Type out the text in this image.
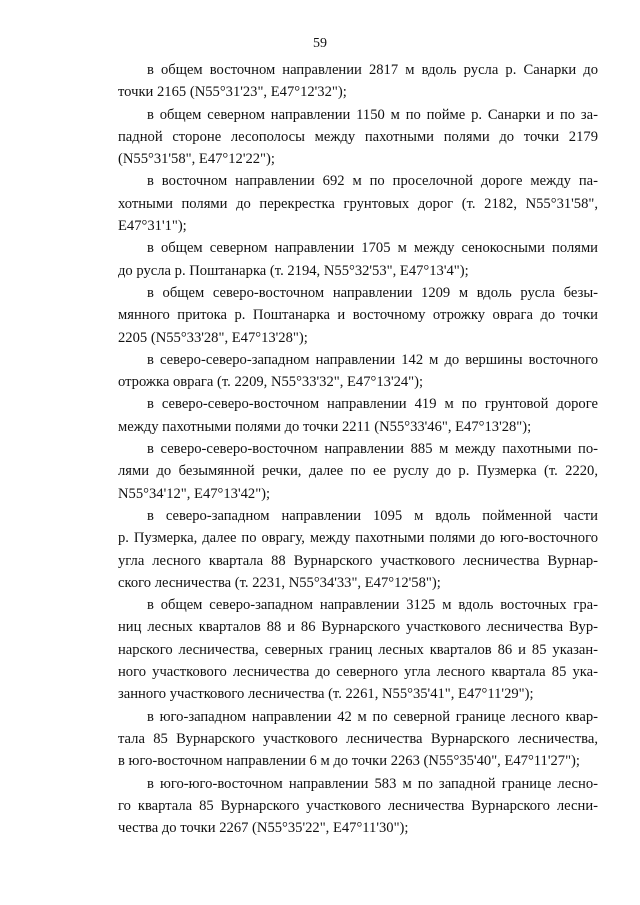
59
в общем восточном направлении 2817 м вдоль русла р. Санарки до
точки 2165 (N55°31'23", E47°12'32");
в общем северном направлении 1150 м по пойме р. Санарки и по за-
падной стороне лесополосы между пахотными полями до точки 2179
(N55°31'58", E47°12'22");
в восточном направлении 692 м по проселочной дороге между па-
хотными полями до перекрестка грунтовых дорог (т. 2182, N55°31'58",
E47°31'1");
в общем северном направлении 1705 м между сенокосными полями
до русла р. Поштанарка (т. 2194, N55°32'53", E47°13'4");
в общем северо-восточном направлении 1209 м вдоль русла безы-
мянного притока р. Поштанарка и восточному отрожку оврага до точки
2205 (N55°33'28", E47°13'28");
в северо-северо-западном направлении 142 м до вершины восточного
отрожка оврага (т. 2209, N55°33'32", E47°13'24");
в северо-северо-восточном направлении 419 м по грунтовой дороге
между пахотными полями до точки 2211 (N55°33'46", E47°13'28");
в северо-северо-восточном направлении 885 м между пахотными по-
лями до безымянной речки, далее по ее руслу до р. Пузмерка (т. 2220,
N55°34'12", E47°13'42");
в северо-западном направлении 1095 м вдоль пойменной части
р. Пузмерка, далее по оврагу, между пахотными полями до юго-восточного
угла лесного квартала 88 Вурнарского участкового лесничества Вурнар-
ского лесничества (т. 2231, N55°34'33", E47°12'58");
в общем северо-западном направлении 3125 м вдоль восточных гра-
ниц лесных кварталов 88 и 86 Вурнарского участкового лесничества Вур-
нарского лесничества, северных границ лесных кварталов 86 и 85 указан-
ного участкового лесничества до северного угла лесного квартала 85 ука-
занного участкового лесничества (т. 2261, N55°35'41", E47°11'29");
в юго-западном направлении 42 м по северной границе лесного квар-
тала 85 Вурнарского участкового лесничества Вурнарского лесничества,
в юго-восточном направлении 6 м до точки 2263 (N55°35'40", E47°11'27");
в юго-юго-восточном направлении 583 м по западной границе лесно-
го квартала 85 Вурнарского участкового лесничества Вурнарского лесни-
чества до точки 2267 (N55°35'22", E47°11'30");
